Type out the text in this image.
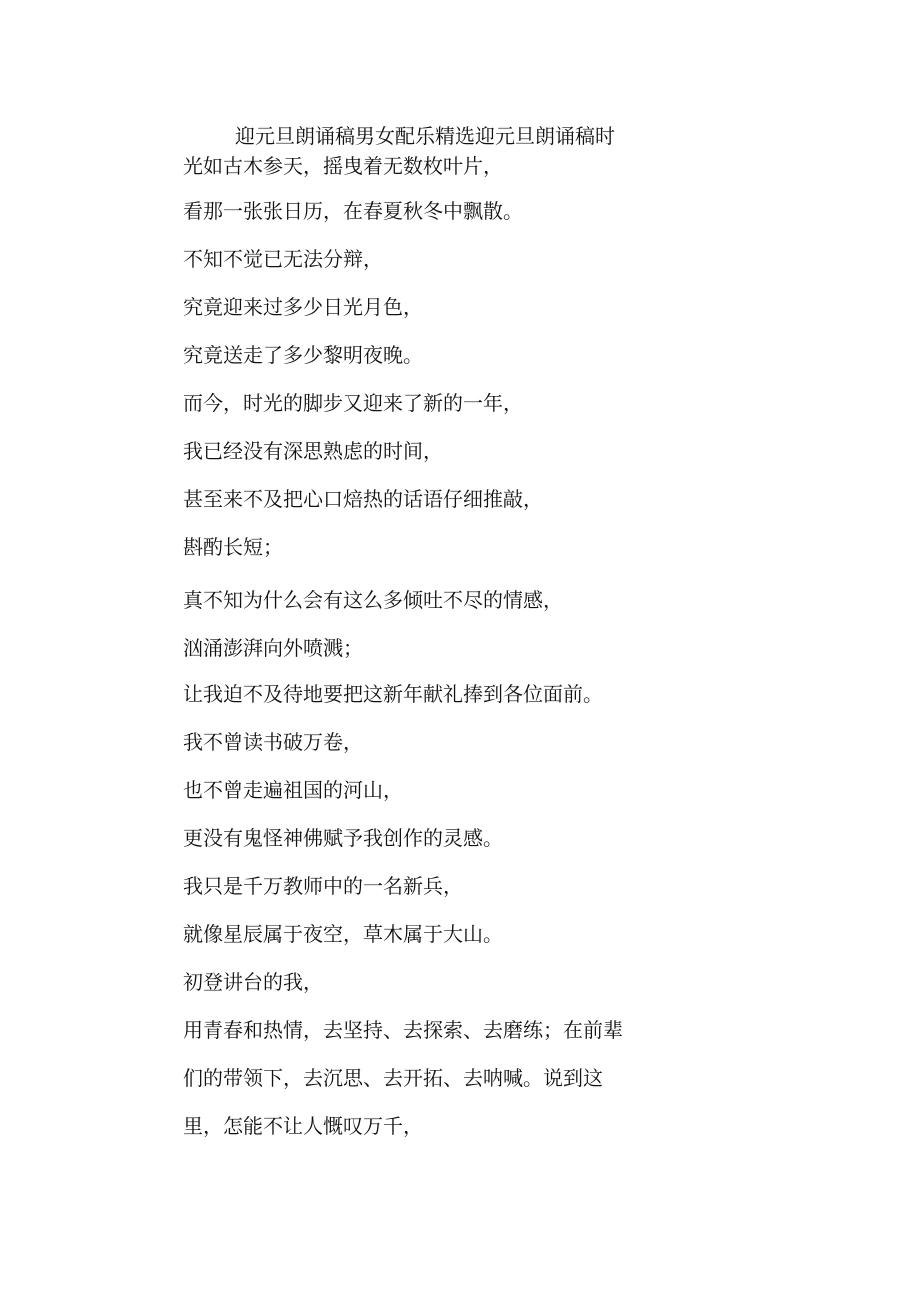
迎元旦朗诵稿男女配乐精选迎元旦朗诵稿时
光如古木参天，摇曳着无数枚叶片，
看那一张张日历，在春夏秋冬中飘散。
不知不觉已无法分辩，
究竟迎来过多少日光月色，
究竟送走了多少黎明夜晚。
而今，时光的脚步又迎来了新的一年，
我已经没有深思熟虑的时间，
甚至来不及把心口焙热的话语仔细推敲，
斟酌长短；
真不知为什么会有这么多倾吐不尽的情感，
汹涌澎湃向外喷溅；
让我迫不及待地要把这新年献礼捧到各位面前。
我不曾读书破万卷，
也不曾走遍祖国的河山，
更没有鬼怪神佛赋予我创作的灵感。
我只是千万教师中的一名新兵，
就像星辰属于夜空，草木属于大山。
初登讲台的我，
用青春和热情，去坚持、去探索、去磨练；在前辈
们的带领下，去沉思、去开拓、去呐喊。说到这
里，怎能不让人慨叹万千，
